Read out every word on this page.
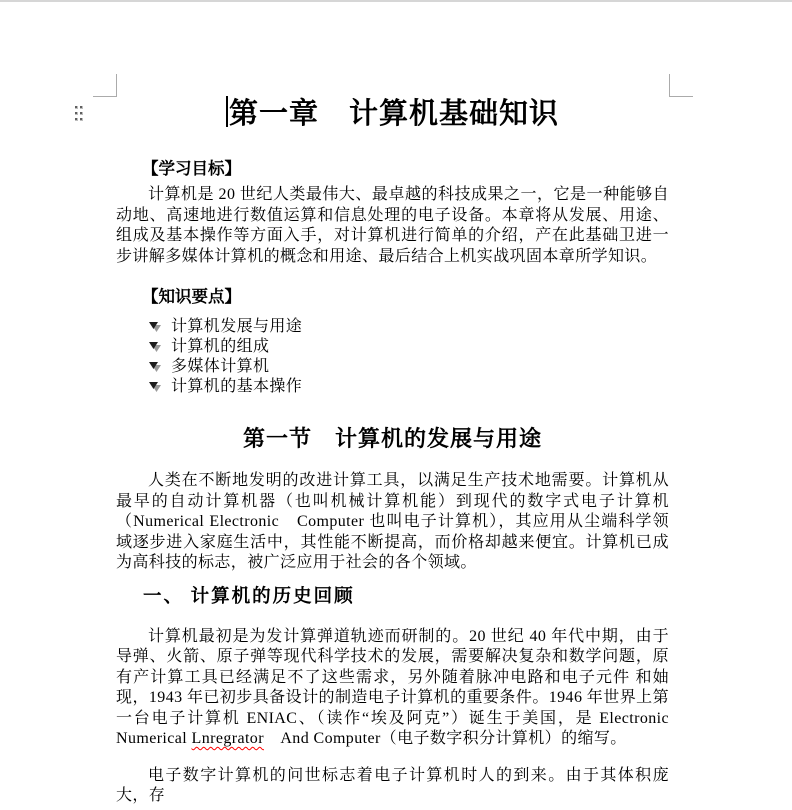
第一章　计算机基础知识
【学习目标】

计算机是 20 世纪人类最伟大、最卓越的科技成果之一，它是一种能够自动地、高速地进行数值运算和信息处理的电子设备。本章将从发展、用途、组成及基本操作等方面入手，对计算机进行简单的介绍，产在此基础卫进一步讲解多媒体计算机的概念和用途、最后结合上机实战巩固本章所学知识。

【知识要点】
计算机发展与用途
计算机的组成
多媒体计算机
计算机的基本操作
第一节　计算机的发展与用途

人类在不断地发明的改进计算工具，以满足生产技术地需要。计算机从最早的自动计算机器（也叫机械计算机能）到现代的数字式电子计算机（Numerical Electronic　Computer 也叫电子计算机），其应用从尘端科学领域逐步进入家庭生活中，其性能不断提高，而价格却越来便宜。计算机已成为高科技的标志，被广泛应用于社会的各个领域。

一、 计算机的历史回顾

计算机最初是为发计算弹道轨迹而研制的。20 世纪 40 年代中期，由于导弹、火箭、原子弹等现代科学技术的发展，需要解决复杂和数学问题，原有产计算工具已经满足不了这些需求，另外随着脉冲电路和电子元件 和妯现，1943 年已初步具备设计的制造电子计算机的重要条件。1946 年世界上第一台电子计算机 ENIAC、（读作“埃及阿克”）诞生于美国，是 Electronic Numerical Lnregrator　And Computer（电子数字积分计算机）的缩写。

电子数字计算机的问世标志着电子计算机时人的到来。由于其体积庞大，存
